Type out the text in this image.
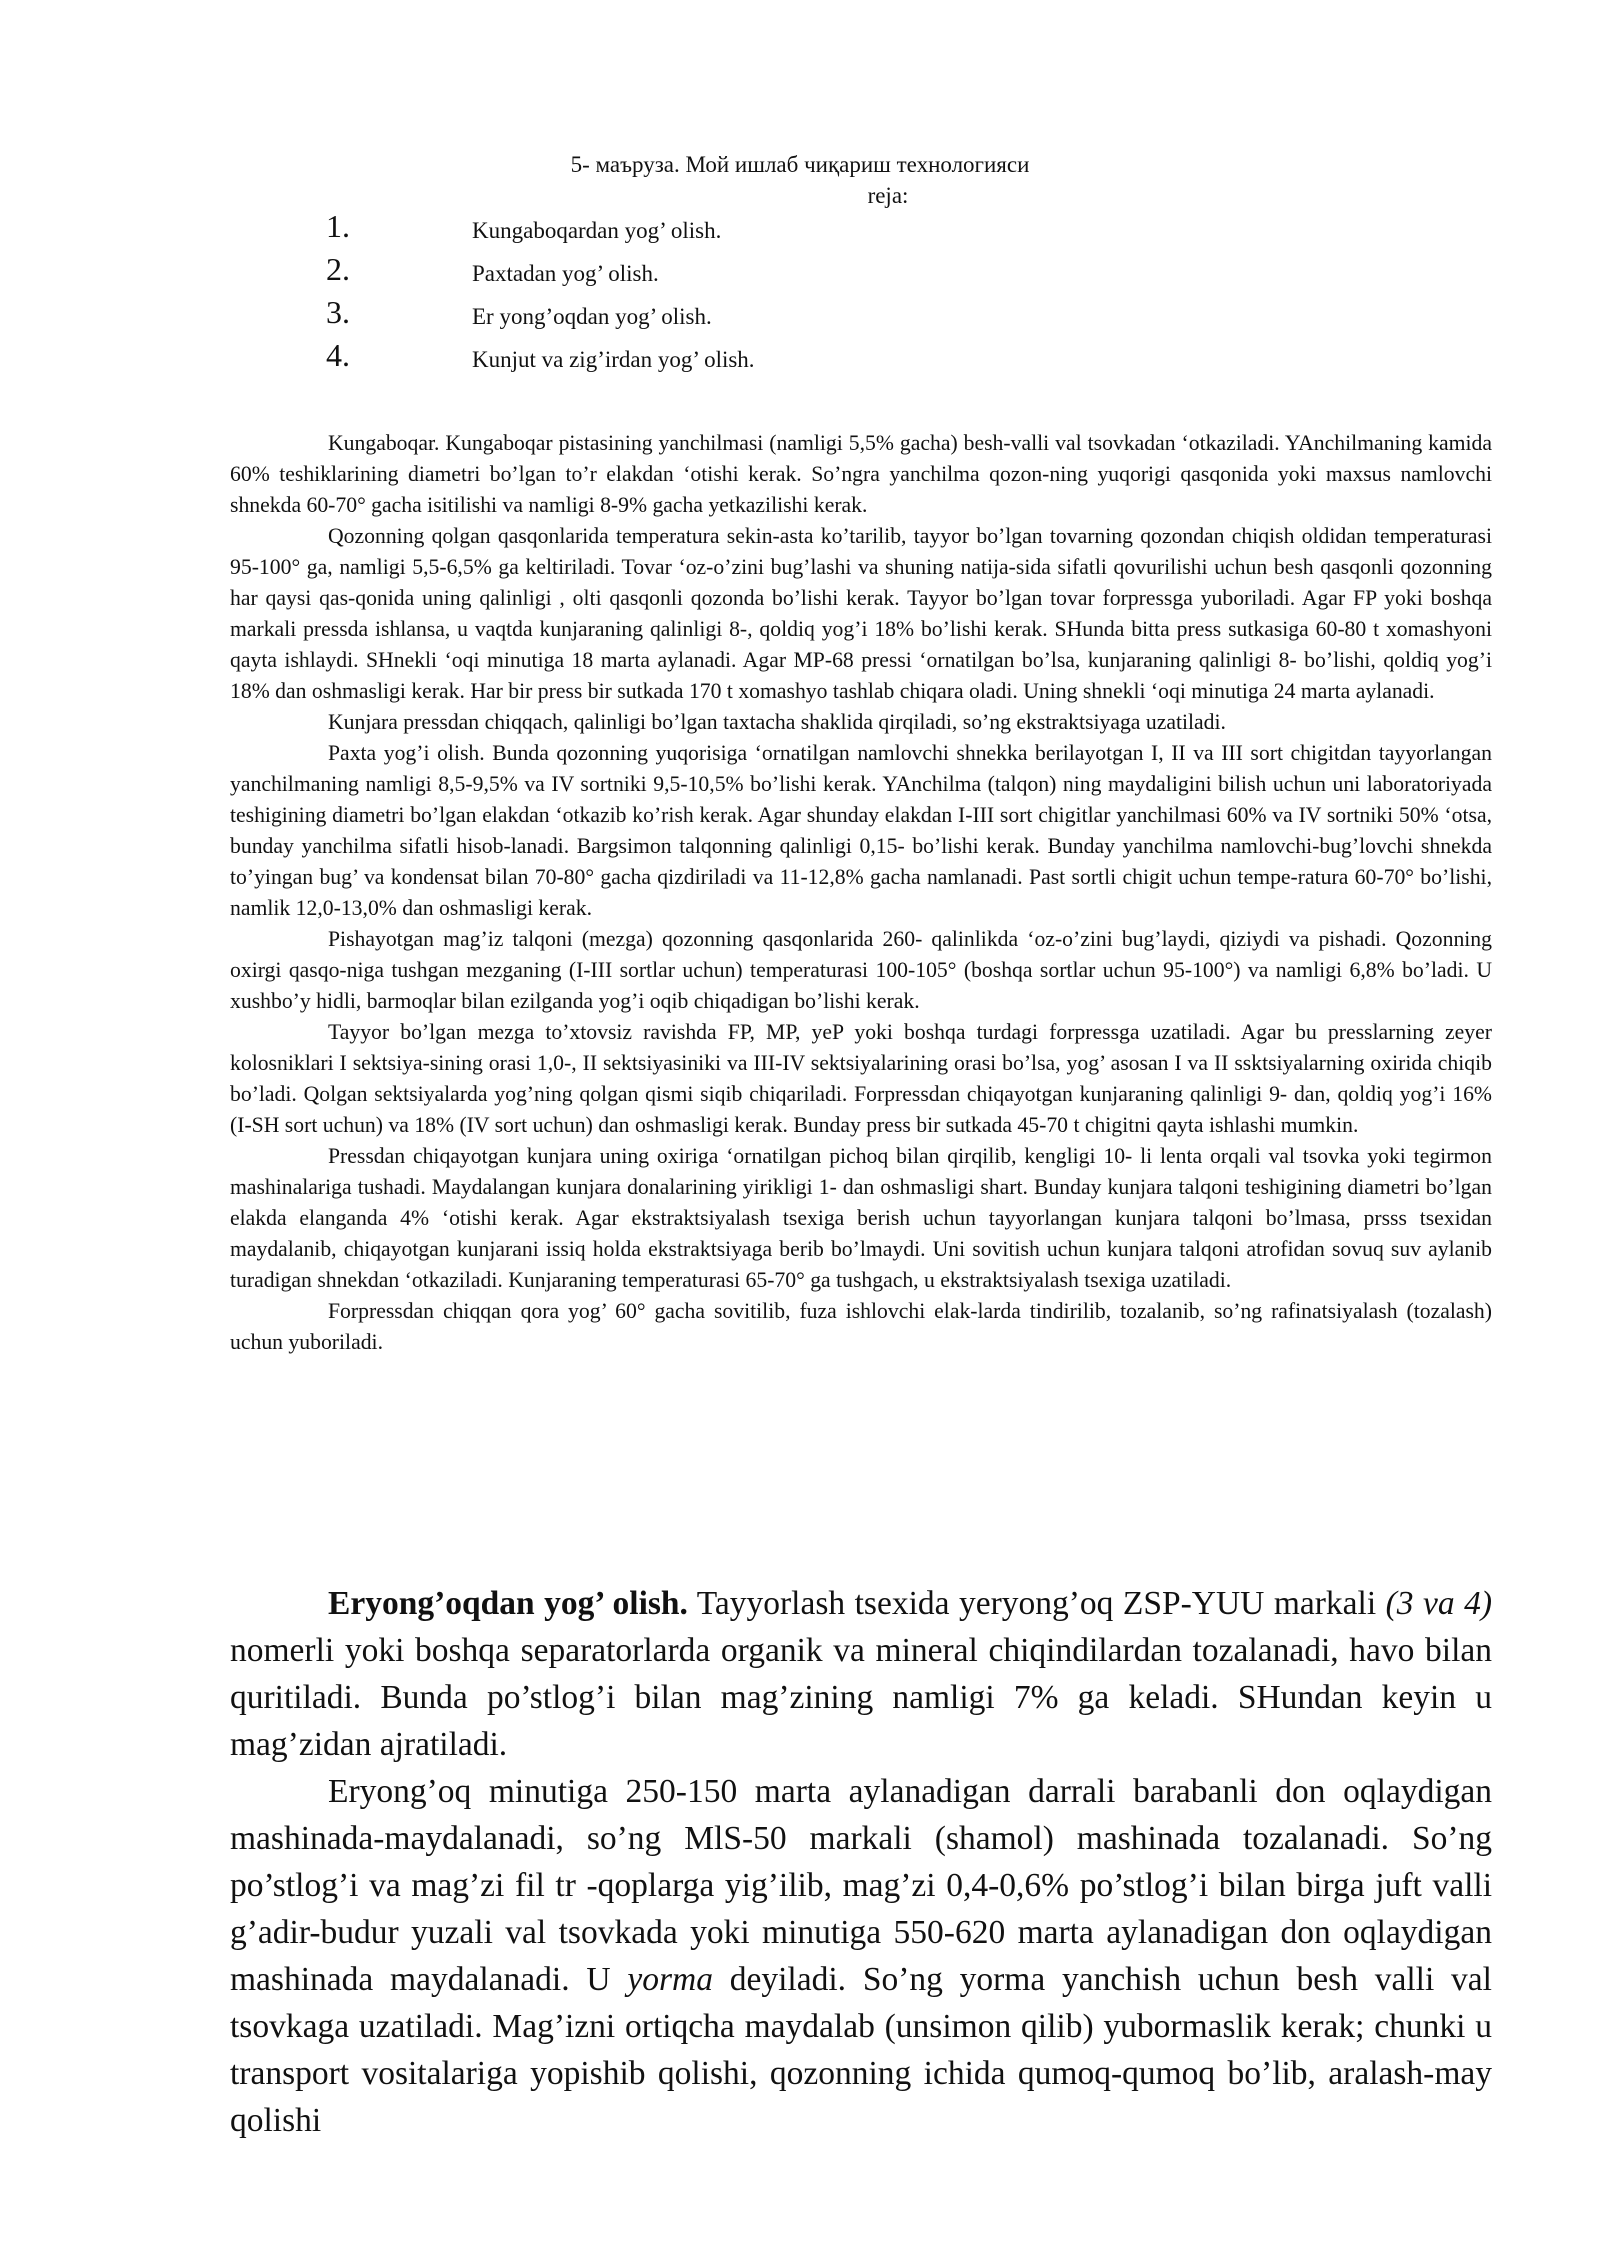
5- маъруза. Мой ишлаб чиқариш технологияси
reja:
1.	Kungaboqardan yog’ olish.
2.	Paxtadan yog’ olish.
3.	Er yong’oqdan yog’ olish.
4.	Kunjut va zig’irdan yog’ olish.

Kungaboqar. Kungaboqar pistasining yanchilmasi (namligi 5,5% gacha) besh-valli val tsovkadan ‘otkaziladi. YAnchilmaning kamida 60% teshiklarining diametri bo’lgan to’r elakdan ‘otishi kerak. So’ngra yanchilma qozon-ning yuqorigi qasqonida yoki maxsus namlovchi shnekda 60-70° gacha isitilishi va namligi 8-9% gacha yetkazilishi kerak.

Qozonning qolgan qasqonlarida temperatura sekin-asta ko’tarilib, tayyor bo’lgan tovarning qozondan chiqish oldidan temperaturasi 95-100° ga, namligi 5,5-6,5% ga keltiriladi. Tovar ‘oz-o’zini bug’lashi va shuning natija-sida sifatli qovurilishi uchun besh qasqonli qozonning har qaysi qas-qonida uning qalinligi , olti qasqonli qozonda bo’lishi kerak. Tayyor bo’lgan tovar forpressga yuboriladi. Agar FP yoki boshqa markali pressda ishlansa, u vaqtda kunjaraning qalinligi 8-, qoldiq yog’i 18% bo’lishi kerak. SHunda bitta press sutkasiga 60-80 t xomashyoni qayta ishlaydi. SHnekli ‘oqi minutiga 18 marta aylanadi. Agar MP-68 pressi ‘ornatilgan bo’lsa, kunjaraning qalinligi 8- bo’lishi, qoldiq yog’i 18% dan oshmasligi kerak. Har bir press bir sutkada 170 t xomashyo tashlab chiqara oladi. Uning shnekli ‘oqi minutiga 24 marta aylanadi.

Kunjara pressdan chiqqach, qalinligi bo’lgan taxtacha shaklida qirqiladi, so’ng ekstraktsiyaga uzatiladi.

Paxta yog’i olish. Bunda qozonning yuqorisiga ‘ornatilgan namlovchi shnekka berilayotgan I, II va III sort chigitdan tayyorlangan yanchilmaning namligi 8,5-9,5% va IV sortniki 9,5-10,5% bo’lishi kerak. YAnchilma (talqon) ning maydaligini bilish uchun uni laboratoriyada teshigining diametri bo’lgan elakdan ‘otkazib ko’rish kerak. Agar shunday elakdan I-III sort chigitlar yanchilmasi 60% va IV sortniki 50% ‘otsa, bunday yanchilma sifatli hisob-lanadi. Bargsimon talqonning qalinligi 0,15- bo’lishi kerak. Bunday yanchilma namlovchi-bug’lovchi shnekda to’yingan bug’ va kondensat bilan 70-80° gacha qizdiriladi va 11-12,8% gacha namlanadi. Past sortli chigit uchun tempe-ratura 60-70° bo’lishi, namlik 12,0-13,0% dan oshmasligi kerak.

Pishayotgan mag’iz talqoni (mezga) qozonning qasqonlarida 260- qalinlikda ‘oz-o’zini bug’laydi, qiziydi va pishadi. Qozonning oxirgi qasqo-niga tushgan mezganing (I-III sortlar uchun) temperaturasi 100-105° (boshqa sortlar uchun 95-100°) va namligi 6,8% bo’ladi. U xushbo’y hidli, barmoqlar bilan ezilganda yog’i oqib chiqadigan bo’lishi kerak.

Tayyor bo’lgan mezga to’xtovsiz ravishda FP, MP, yeP yoki boshqa turdagi forpressga uzatiladi. Agar bu presslarning zeyer kolosniklari I sektsiya-sining orasi 1,0-, II sektsiyasiniki va III-IV sektsiyalarining orasi bo’lsa, yog’ asosan I va II ssktsiyalarning oxirida chiqib bo’ladi. Qolgan sektsiyalarda yog’ning qolgan qismi siqib chiqariladi. Forpressdan chiqayotgan kunjaraning qalinligi 9- dan, qoldiq yog’i 16% (I-SH sort uchun) va 18% (IV sort uchun) dan oshmasligi kerak. Bunday press bir sutkada 45-70 t chigitni qayta ishlashi mumkin.

Pressdan chiqayotgan kunjara uning oxiriga ‘ornatilgan pichoq bilan qirqilib, kengligi 10- li lenta orqali val tsovka yoki tegirmon mashinalariga tushadi. Maydalangan kunjara donalarining yirikligi 1- dan oshmasligi shart. Bunday kunjara talqoni teshigining diametri bo’lgan elakda elanganda 4% ‘otishi kerak. Agar ekstraktsiyalash tsexiga berish uchun tayyorlangan kunjara talqoni bo’lmasa, prsss tsexidan maydalanib, chiqayotgan kunjarani issiq holda ekstraktsiyaga berib bo’lmaydi. Uni sovitish uchun kunjara talqoni atrofidan sovuq suv aylanib turadigan shnekdan ‘otkaziladi. Kunjaraning temperaturasi 65-70° ga tushgach, u ekstraktsiyalash tsexiga uzatiladi.

Forpressdan chiqqan qora yog’ 60° gacha sovitilib, fuza ishlovchi elak-larda tindirilib, tozalanib, so’ng rafinatsiyalash (tozalash) uchun yuboriladi.

Eryong’oqdan yog’ olish. Tayyorlash tsexida yeryong’oq ZSP-YUU markali (3 va 4) nomerli yoki boshqa separatorlarda organik va mineral chiqindilardan tozalanadi, havo bilan quritiladi. Bunda po’stlog’i bilan mag’zining namligi 7% ga keladi. SHundan keyin u mag’zidan ajratiladi.

Eryong’oq minutiga 250-150 marta aylanadigan darrali barabanli don oqlaydigan mashinada-maydalanadi, so’ng MlS-50 markali (shamol) mashinada tozalanadi. So’ng po’stlog’i va mag’zi fil tr -qoplarga yig’ilib, mag’zi 0,4-0,6% po’stlog’i bilan birga juft valli g’adir-budur yuzali val tsovkada yoki minutiga 550-620 marta aylanadigan don oqlaydigan mashinada maydalanadi. U yorma deyiladi. So’ng yorma yanchish uchun besh valli val tsovkaga uzatiladi. Mag’izni ortiqcha maydalab (unsimon qilib) yubormaslik kerak; chunki u transport vositalariga yopishib qolishi, qozonning ichida qumoq-qumoq bo’lib, aralash-may qolishi
